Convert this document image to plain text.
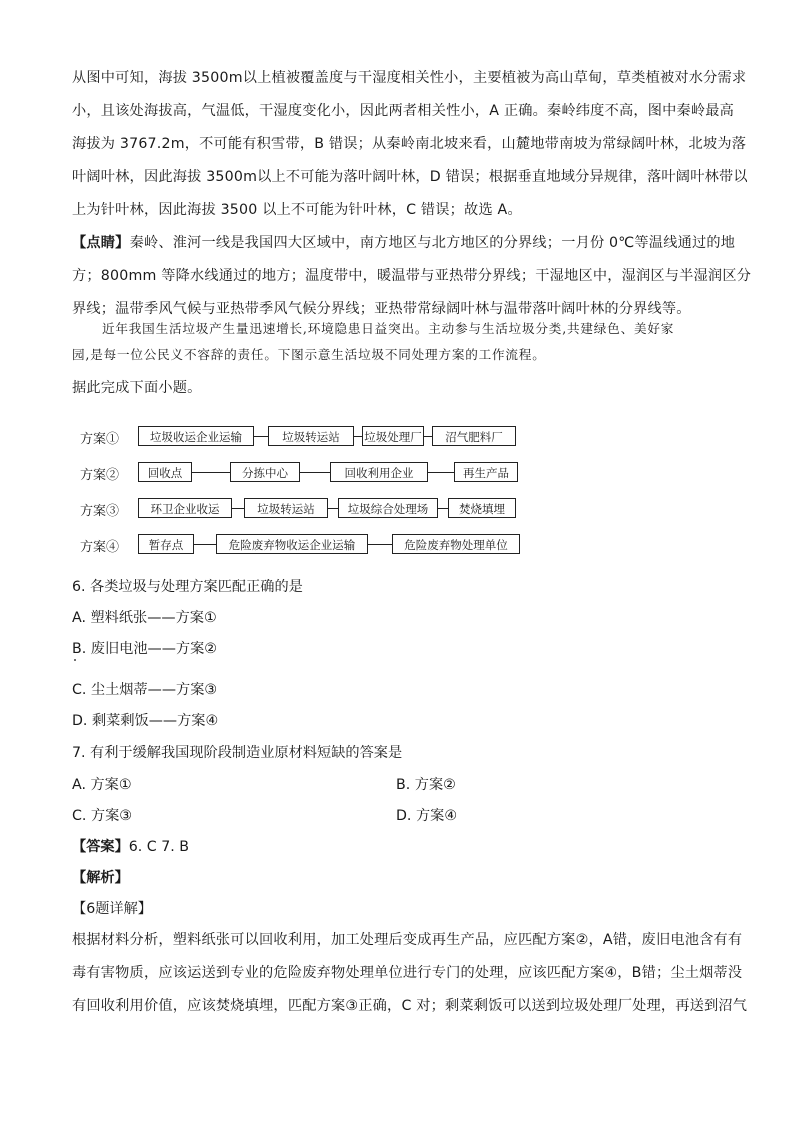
从图中可知，海拔 3500m以上植被覆盖度与干湿度相关性小，主要植被为高山草甸，草类植被对水分需求
小，且该处海拔高，气温低，干湿度变化小，因此两者相关性小，A 正确。秦岭纬度不高，图中秦岭最高
海拔为 3767.2m，不可能有积雪带，B 错误；从秦岭南北坡来看，山麓地带南坡为常绿阔叶林，北坡为落
叶阔叶林，因此海拔 3500m以上不可能为落叶阔叶林，D 错误；根据垂直地域分异规律，落叶阔叶林带以
上为针叶林，因此海拔 3500 以上不可能为针叶林，C 错误；故选 A。
【点睛】秦岭、淮河一线是我国四大区域中，南方地区与北方地区的分界线；一月份 0℃等温线通过的地
方；800mm 等降水线通过的地方；温度带中，暖温带与亚热带分界线；干湿地区中，湿润区与半湿润区分
界线；温带季风气候与亚热带季风气候分界线；亚热带常绿阔叶林与温带落叶阔叶林的分界线等。
近年我国生活垃圾产生量迅速增长,环境隐患日益突出。主动参与生活垃圾分类,共建绿色、美好家
园,是每一位公民义不容辞的责任。下图示意生活垃圾不同处理方案的工作流程。
据此完成下面小题。
方案①	垃圾收运企业运输	垃圾转运站	垃圾处理厂	沼气肥料厂
方案②	回收点	分拣中心	回收利用企业	再生产品
方案③	环卫企业收运	垃圾转运站	垃圾综合处理场	焚烧填埋
方案④	暂存点	危险废弃物收运企业运输	危险废弃物处理单位
6. 各类垃圾与处理方案匹配正确的是
A. 塑料纸张——方案①
B. 废旧电池——方案②
C. 尘土烟蒂——方案③
D. 剩菜剩饭——方案④
7. 有利于缓解我国现阶段制造业原材料短缺的答案是
A. 方案①	B. 方案②
C. 方案③	D. 方案④
【答案】6. C 7. B
【解析】
【6题详解】
根据材料分析，塑料纸张可以回收利用，加工处理后变成再生产品，应匹配方案②，A错，废旧电池含有有
毒有害物质，应该运送到专业的危险废弃物处理单位进行专门的处理，应该匹配方案④，B错；尘土烟蒂没
有回收利用价值，应该焚烧填埋，匹配方案③正确，C 对；剩菜剩饭可以送到垃圾处理厂处理，再送到沼气
